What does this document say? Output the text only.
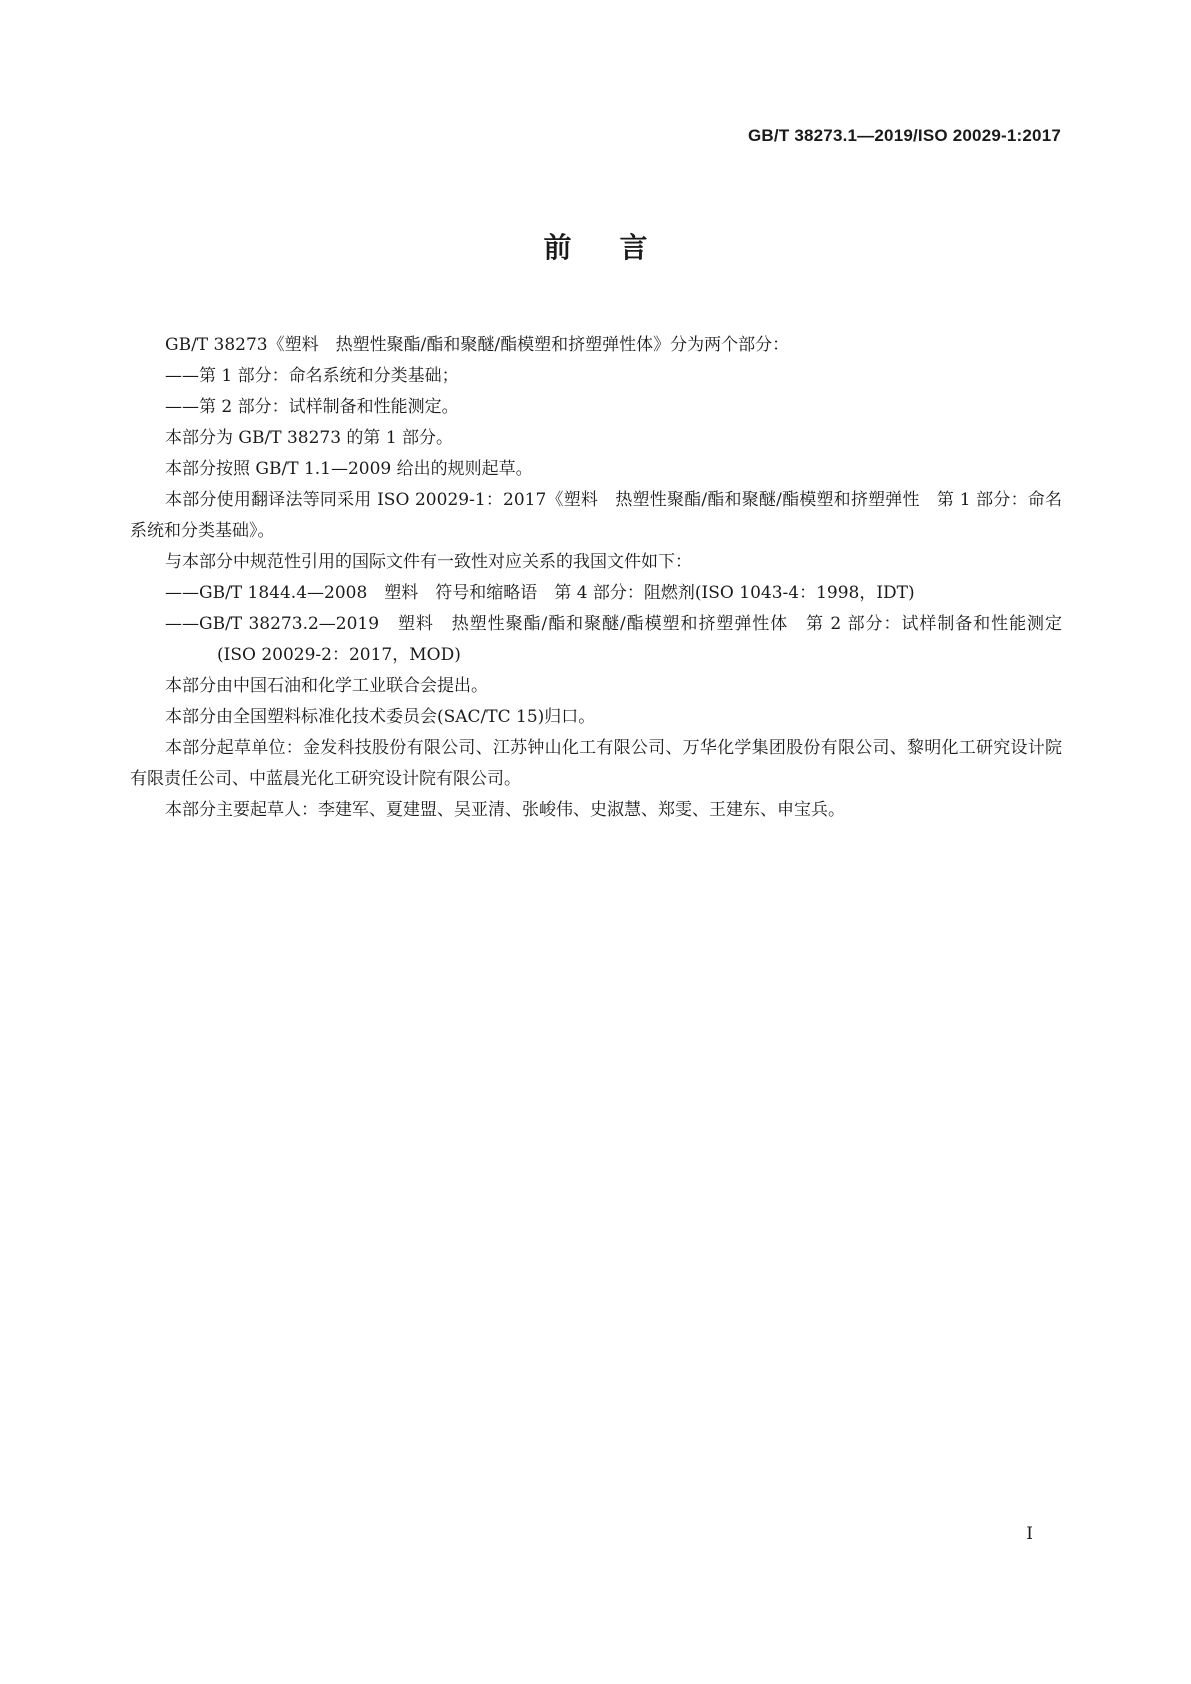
GB/T 38273.1—2019/ISO 20029-1:2017
前言

GB/T 38273《塑料　热塑性聚酯/酯和聚醚/酯模塑和挤塑弹性体》分为两个部分：

——第 1 部分：命名系统和分类基础；

——第 2 部分：试样制备和性能测定。

本部分为 GB/T 38273 的第 1 部分。

本部分按照 GB/T 1.1—2009 给出的规则起草。

本部分使用翻译法等同采用 ISO 20029-1：2017《塑料　热塑性聚酯/酯和聚醚/酯模塑和挤塑弹性　第 1 部分：命名系统和分类基础》。

与本部分中规范性引用的国际文件有一致性对应关系的我国文件如下：

——GB/T 1844.4—2008　塑料　符号和缩略语　第 4 部分：阻燃剂(ISO 1043-4：1998，IDT)

——GB/T 38273.2—2019　塑料　热塑性聚酯/酯和聚醚/酯模塑和挤塑弹性体　第 2 部分：试样制备和性能测定(ISO 20029-2：2017，MOD)

本部分由中国石油和化学工业联合会提出。

本部分由全国塑料标准化技术委员会(SAC/TC 15)归口。

本部分起草单位：金发科技股份有限公司、江苏钟山化工有限公司、万华化学集团股份有限公司、黎明化工研究设计院有限责任公司、中蓝晨光化工研究设计院有限公司。

本部分主要起草人：李建军、夏建盟、吴亚清、张峻伟、史淑慧、郑雯、王建东、申宝兵。

I
